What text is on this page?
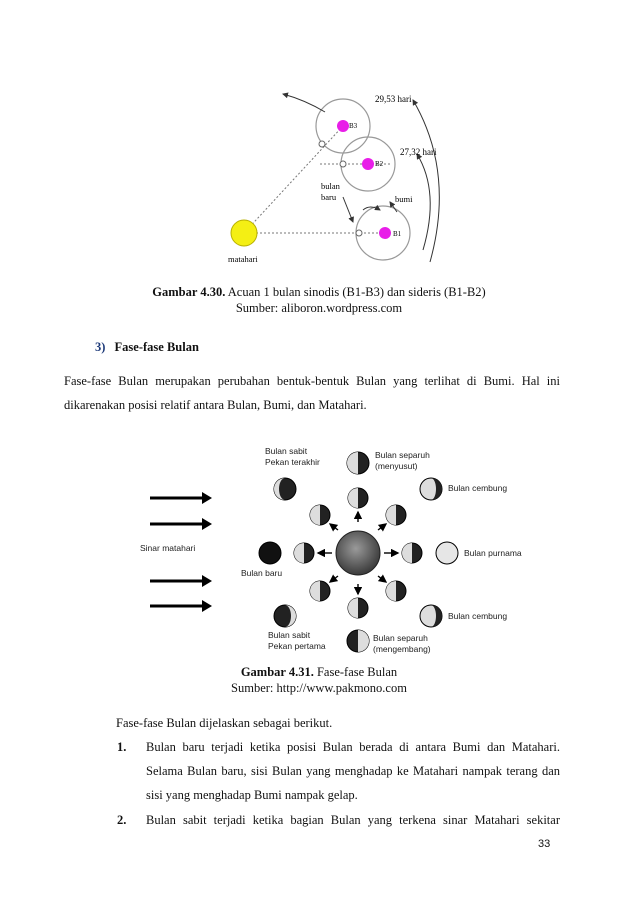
B3
B2
B1
matahari
29,53 hari
27,32 hari
bulan
baru	bumi
Gambar 4.30. Acuan 1 bulan sinodis (B1-B3) dan sideris (B1-B2)
Sumber: aliboron.wordpress.com
3) Fase-fase Bulan
Fase-fase Bulan merupakan perubahan bentuk-bentuk Bulan yang terlihat di Bumi. Hal ini
dikarenakan posisi relatif antara Bulan, Bumi, dan Matahari.
Sinar matahari
Bulan sabit
Pekan terakhir
Bulan separuh
(menyusut)
Bulan cembung
Bulan baru
Bulan purnama
Bulan cembung
Bulan sabit
Pekan pertama
Bulan separuh
(mengembang)
Gambar 4.31. Fase-fase Bulan
Sumber: http://www.pakmono.com
Fase-fase Bulan dijelaskan sebagai berikut.
1. Bulan baru terjadi ketika posisi Bulan berada di antara Bumi dan Matahari.
Selama Bulan baru, sisi Bulan yang menghadap ke Matahari nampak terang dan
sisi yang menghadap Bumi nampak gelap.
2. Bulan sabit terjadi ketika bagian Bulan yang terkena sinar Matahari sekitar
33
